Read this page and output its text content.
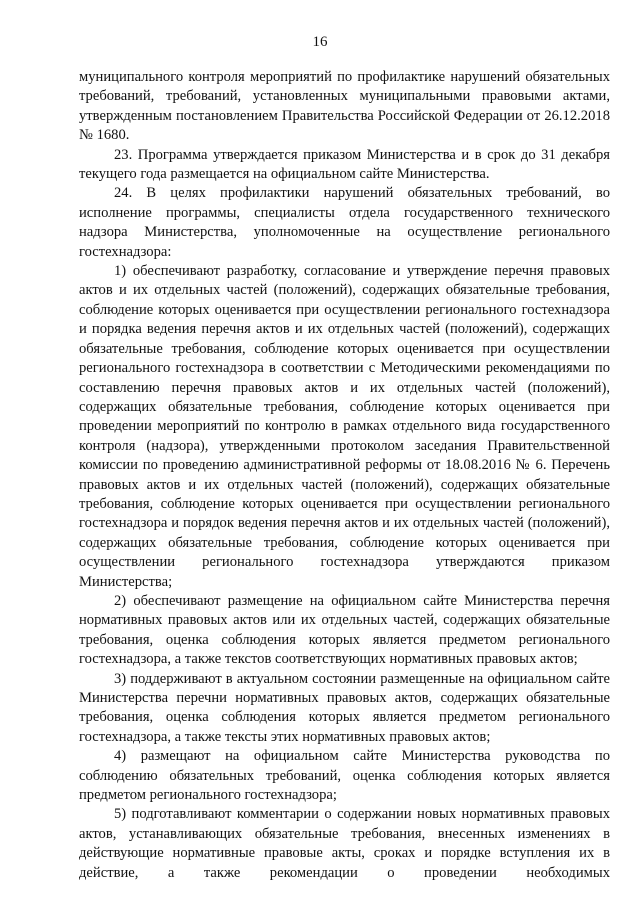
16

муниципального контроля мероприятий по профилактике нарушений обязательных требований, требований, установленных муниципальными правовыми актами, утвержденным постановлением Правительства Российской Федерации от 26.12.2018 № 1680.

23. Программа утверждается приказом Министерства и в срок до 31 декабря текущего года размещается на официальном сайте Министерства.

24. В целях профилактики нарушений обязательных требований, во исполнение программы, специалисты отдела государственного технического надзора Министерства, уполномоченные на осуществление регионального гостехнадзора:

1) обеспечивают разработку, согласование и утверждение перечня правовых актов и их отдельных частей (положений), содержащих обязательные требования, соблюдение которых оценивается при осуществлении регионального гостехнадзора и порядка ведения перечня актов и их отдельных частей (положений), содержащих обязательные требования, соблюдение которых оценивается при осуществлении регионального гостехнадзора в соответствии с Методическими рекомендациями по составлению перечня правовых актов и их отдельных частей (положений), содержащих обязательные требования, соблюдение которых оценивается при проведении мероприятий по контролю в рамках отдельного вида государственного контроля (надзора), утвержденными протоколом заседания Правительственной комиссии по проведению административной реформы от 18.08.2016 № 6. Перечень правовых актов и их отдельных частей (положений), содержащих обязательные требования, соблюдение которых оценивается при осуществлении регионального гостехнадзора и порядок ведения перечня актов и их отдельных частей (положений), содержащих обязательные требования, соблюдение которых оценивается при осуществлении регионального гостехнадзора утверждаются приказом Министерства;

2) обеспечивают размещение на официальном сайте Министерства перечня нормативных правовых актов или их отдельных частей, содержащих обязательные требования, оценка соблюдения которых является предметом регионального гостехнадзора, а также текстов соответствующих нормативных правовых актов;

3) поддерживают в актуальном состоянии размещенные на официальном сайте Министерства перечни нормативных правовых актов, содержащих обязательные требования, оценка соблюдения которых является предметом регионального гостехнадзора, а также тексты этих нормативных правовых актов;

4) размещают на официальном сайте Министерства руководства по соблюдению обязательных требований, оценка соблюдения которых является предметом регионального гостехнадзора;

5) подготавливают комментарии о содержании новых нормативных правовых актов, устанавливающих обязательные требования, внесенных изменениях в действующие нормативные правовые акты, сроках и порядке вступления их в действие, а также рекомендации о проведении необходимых
